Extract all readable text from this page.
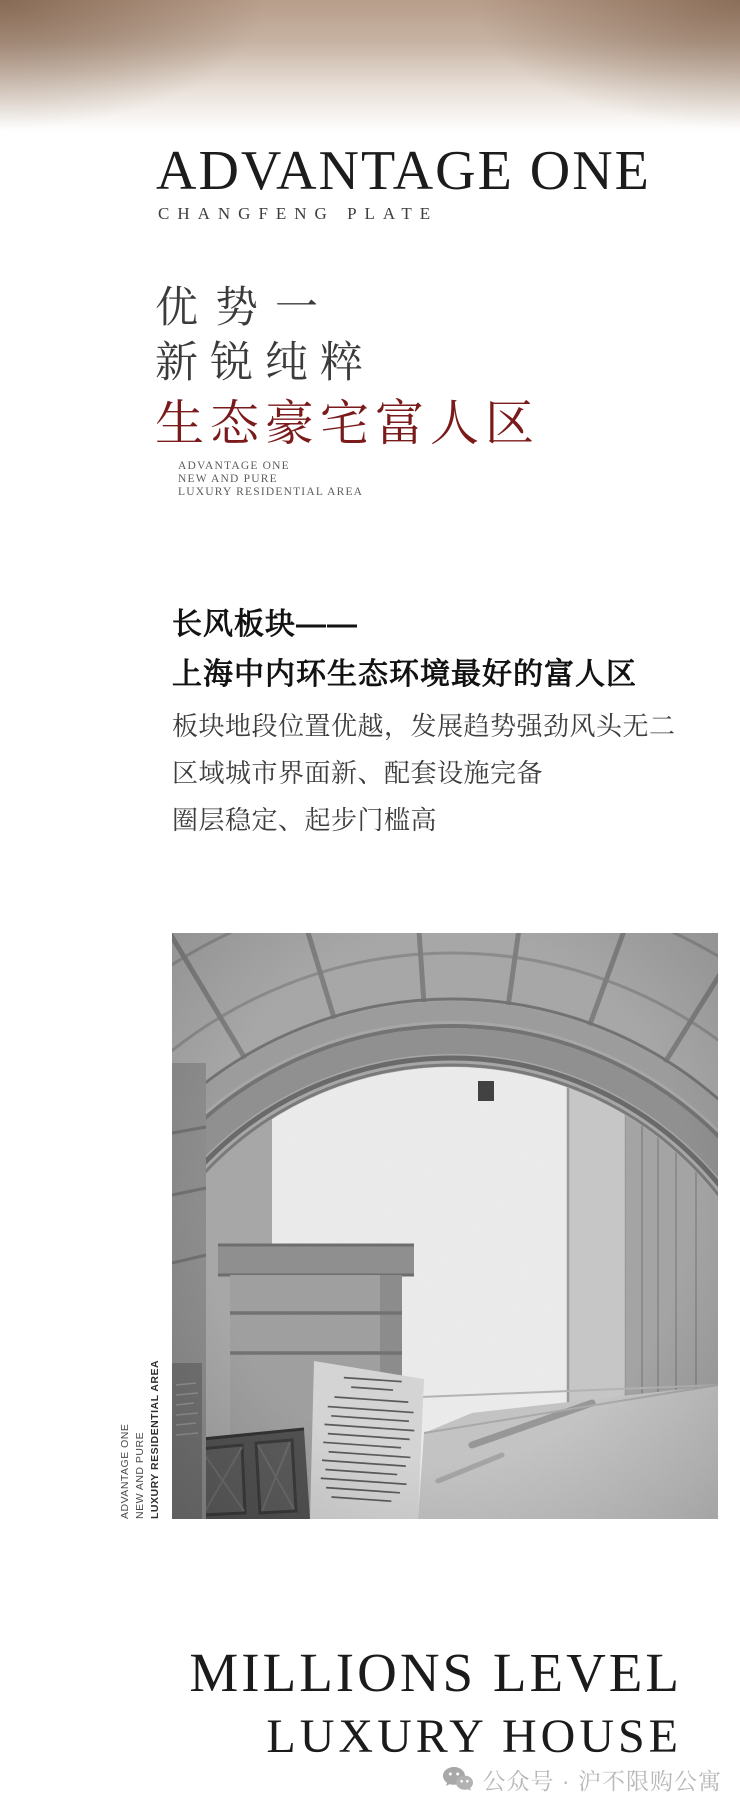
ADVANTAGE ONE
CHANGFENG PLATE
优势一
新锐纯粹
生态豪宅富人区
ADVANTAGE ONE
NEW AND PURE
LUXURY RESIDENTIAL AREA
长风板块——
上海中内环生态环境最好的富人区
板块地段位置优越，发展趋势强劲风头无二
区域城市界面新、配套设施完备
圈层稳定、起步门槛高
ADVANTAGE ONE NEW AND PURE LUXURY RESIDENTIAL AREA
MILLIONS LEVEL
LUXURY HOUSE
公众号 · 沪不限购公寓
